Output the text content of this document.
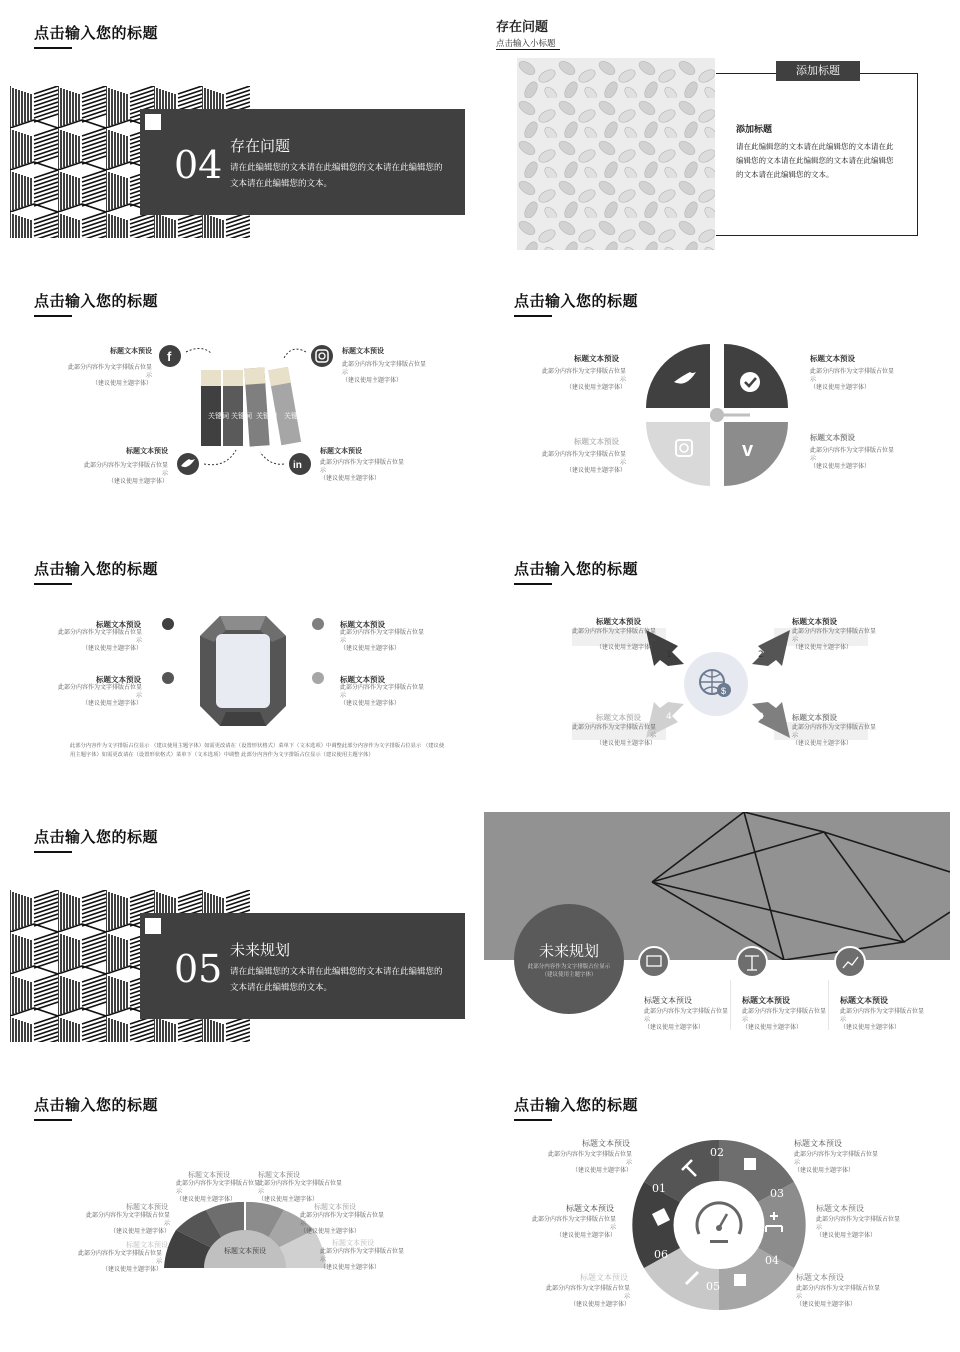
点击输入您的标题
04 存在问题
请在此编辑您的文本请在此编辑您的文本请在此编辑您的
文本请在此编辑您的文本。
存在问题
点击输入小标题
添加标题
添加标题
请在此编辑您的文本请在此编辑您的文本请在此
编辑您的文本请在此编辑您的文本请在此编辑您
的文本请在此编辑您的文本。
点击输入您的标题
关键词 关键词 关键词 关键词
f
in
标题文本预设
此部分内容作为文字排版占位显示
（建议使用主题字体）
标题文本预设
此部分内容作为文字排版占位显示
（建议使用主题字体）
标题文本预设
此部分内容作为文字排版占位显示
（建议使用主题字体）
标题文本预设
此部分内容作为文字排版占位显示
（建议使用主题字体）
点击输入您的标题
v
标题文本预设
此部分内容作为文字排版占位显示
（建议使用主题字体）
标题文本预设
此部分内容作为文字排版占位显示
（建议使用主题字体）
标题文本预设
此部分内容作为文字排版占位显示
（建议使用主题字体）
标题文本预设
此部分内容作为文字排版占位显示
（建议使用主题字体）
点击输入您的标题
标题文本预设
此部分内容作为文字排版占位显示
（建议使用主题字体）
标题文本预设
此部分内容作为文字排版占位显示
（建议使用主题字体）
标题文本预设
此部分内容作为文字排版占位显示
（建议使用主题字体）
标题文本预设
此部分内容作为文字排版占位显示
（建议使用主题字体）
此部分内容作为文字排版占位显示 （建议使用主题字体）如需更改请在（设置形状格式）菜单下（文本选项）中调整此部分内容作为文字排版占位显示 （建议使
用主题字体）如需更改请在（设置形状格式）菜单下（文本选项）中调整 此部分内容作为文字排版占位显示（建议使用主题字体）
点击输入您的标题
$
1	2
3
4
标题文本预设
此部分内容作为文字排版占位显示
（建议使用主题字体）
标题文本预设
此部分内容作为文字排版占位显示
（建议使用主题字体）
标题文本预设
此部分内容作为文字排版占位显示
（建议使用主题字体）
标题文本预设
此部分内容作为文字排版占位显示
（建议使用主题字体）
点击输入您的标题
05 未来规划
请在此编辑您的文本请在此编辑您的文本请在此编辑您的
文本请在此编辑您的文本。
未来规划
此部分内容作为文字排版占位显示
（建议使用主题字体）
标题文本预设
此部分内容作为文字排版占位显示
（建议使用主题字体）
标题文本预设
此部分内容作为文字排版占位显示
（建议使用主题字体）
标题文本预设
此部分内容作为文字排版占位显示
（建议使用主题字体）
点击输入您的标题
标题文本预设
标题文本预设
此部分内容作为文字排版占位显示
（建议使用主题字体）
标题文本预设
此部分内容作为文字排版占位显示
（建议使用主题字体）
标题文本预设
此部分内容作为文字排版占位显示
（建议使用主题字体）
标题文本预设
此部分内容作为文字排版占位显示
（建议使用主题字体）
标题文本预设
此部分内容作为文字排版占位显示
（建议使用主题字体）
标题文本预设
此部分内容作为文字排版占位显示
（建议使用主题字体）
点击输入您的标题
01
02
03
04
05
06
标题文本预设
此部分内容作为文字排版占位显示
（建议使用主题字体）
标题文本预设
此部分内容作为文字排版占位显示
（建议使用主题字体）
标题文本预设
此部分内容作为文字排版占位显示
（建议使用主题字体）
标题文本预设
此部分内容作为文字排版占位显示
（建议使用主题字体）
标题文本预设
此部分内容作为文字排版占位显示
（建议使用主题字体）
标题文本预设
此部分内容作为文字排版占位显示
（建议使用主题字体）
